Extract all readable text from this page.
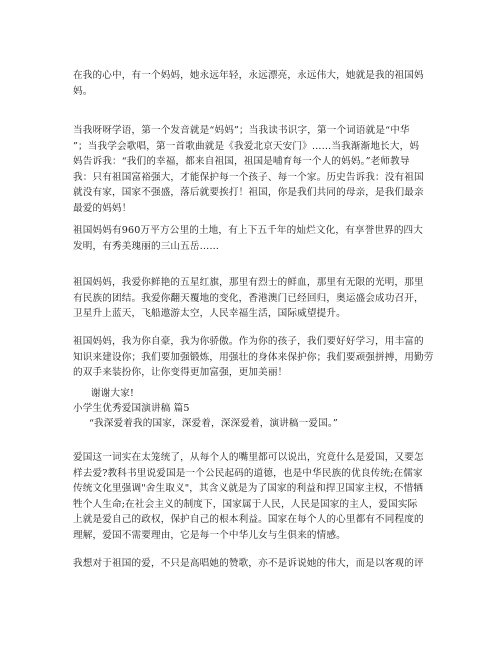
在我的心中，有一个妈妈，她永远年轻，永远漂亮，永远伟大，她就是我的祖国妈
妈。
当我呀呀学语，第一个发音就是“妈妈”；当我读书识字，第一个词语就是“中华
”；当我学会歌唱，第一首歌曲就是《我爱北京天安门》……当我渐渐地长大，妈
妈告诉我：“我们的幸福，都来自祖国，祖国是哺育每一个人的妈妈。”老师教导
我：只有祖国富裕强大，才能保护每一个孩子、每一个家。历史告诉我：没有祖国
就没有家，国家不强盛，落后就要挨打！祖国，你是我们共同的母亲，是我们最亲
最爱的妈妈！
祖国妈妈有960万平方公里的土地，有上下五千年的灿烂文化，有享誉世界的四大
发明，有秀美瑰丽的三山五岳……
祖国妈妈，我爱你鲜艳的五星红旗，那里有烈士的鲜血，那里有无限的光明，那里
有民族的团结。我爱你翻天覆地的变化，香港澳门已经回归，奥运盛会成功召开，
卫星升上蓝天，飞船遨游太空，人民幸福生活，国际威望提升。
祖国妈妈，我为你自豪，我为你骄傲。作为你的孩子，我们要好好学习，用丰富的
知识来建设你；我们要加强锻炼，用强壮的身体来保护你；我们要顽强拼搏，用勤劳
的双手来装扮你，让你变得更加富强，更加美丽！
谢谢大家!
小学生优秀爱国演讲稿 篇5
“我深爱着我的国家，深爱着，深深爱着，演讲稿一爱国。”
爱国这一词实在太笼统了，从每个人的嘴里都可以说出，究竟什么是爱国，又要怎
样去爱?教科书里说爱国是一个公民起码的道德，也是中华民族的优良传统;在儒家
传统文化里强调"舍生取义"，其含义就是为了国家的利益和捍卫国家主权，不惜牺
牲个人生命;在社会主义的制度下，国家属于人民，人民是国家的主人，爱国实际
上就是爱自己的政权，保护自己的根本利益。国家在每个人的心里都有不同程度的
理解，爱国不需要理由，它是每一个中华儿女与生俱来的情感。
我想对于祖国的爱，不只是高唱她的赞歌，亦不是诉说她的伟大，而是以客观的评
